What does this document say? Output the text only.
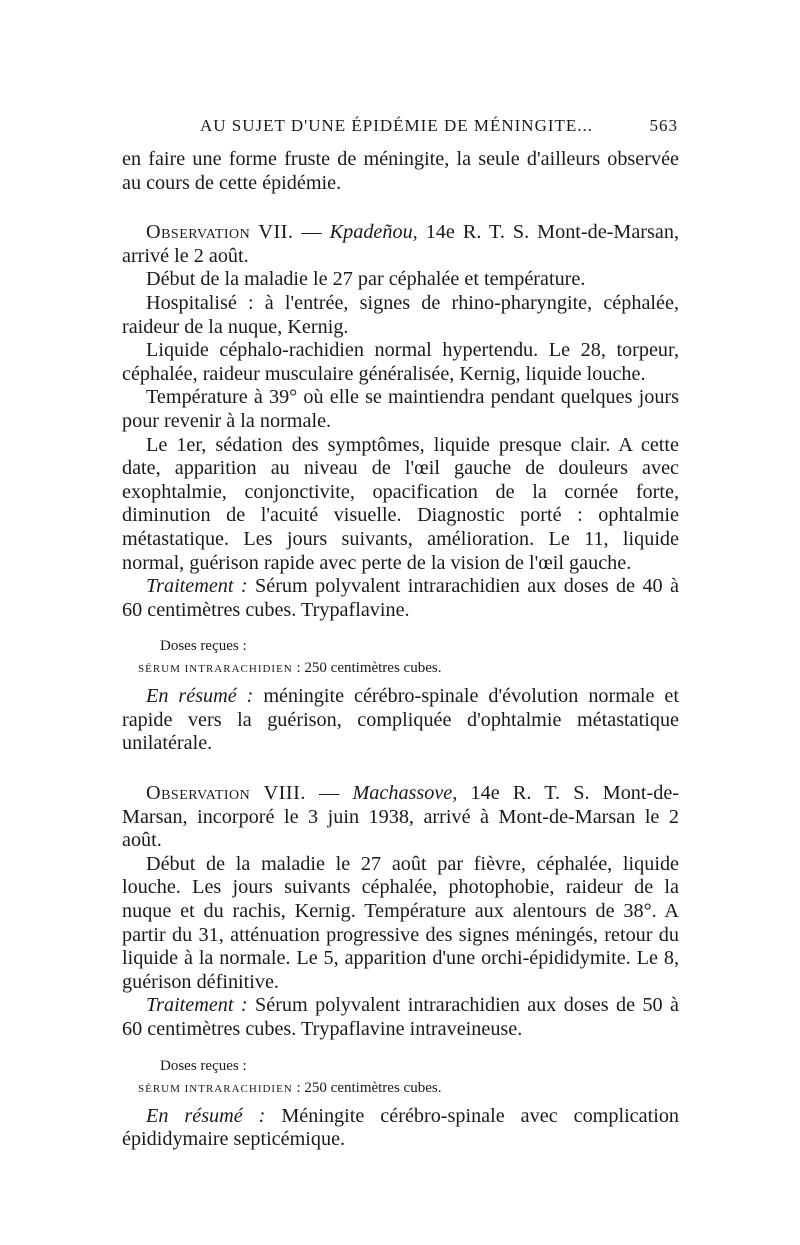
AU SUJET D'UNE ÉPIDÉMIE DE MÉNINGITE...	563

en faire une forme fruste de méningite, la seule d'ailleurs observée au cours de cette épidémie.

Observation VII. — Kpadeñou, 14e R. T. S. Mont-de-Marsan, arrivé le 2 août.

Début de la maladie le 27 par céphalée et température.

Hospitalisé : à l'entrée, signes de rhino-pharyngite, céphalée, raideur de la nuque, Kernig.

Liquide céphalo-rachidien normal hypertendu. Le 28, torpeur, céphalée, raideur musculaire généralisée, Kernig, liquide louche.

Température à 39° où elle se maintiendra pendant quelques jours pour revenir à la normale.

Le 1er, sédation des symptômes, liquide presque clair. A cette date, apparition au niveau de l'œil gauche de douleurs avec exophtalmie, conjonctivite, opacification de la cornée forte, diminution de l'acuité visuelle. Diagnostic porté : ophtalmie métastatique. Les jours suivants, amélioration. Le 11, liquide normal, guérison rapide avec perte de la vision de l'œil gauche.

Traitement : Sérum polyvalent intrarachidien aux doses de 40 à 60 centimètres cubes. Trypaflavine.

Doses reçues :
SÉRUM INTRARACHIDIEN : 250 centimètres cubes.

En résumé : méningite cérébro-spinale d'évolution normale et rapide vers la guérison, compliquée d'ophtalmie métastatique unilatérale.

Observation VIII. — Machassove, 14e R. T. S. Mont-de-Marsan, incorporé le 3 juin 1938, arrivé à Mont-de-Marsan le 2 août.

Début de la maladie le 27 août par fièvre, céphalée, liquide louche. Les jours suivants céphalée, photophobie, raideur de la nuque et du rachis, Kernig. Température aux alentours de 38°. A partir du 31, atténuation progressive des signes méningés, retour du liquide à la normale. Le 5, apparition d'une orchi-épididymite. Le 8, guérison définitive.

Traitement : Sérum polyvalent intrarachidien aux doses de 50 à 60 centimètres cubes. Trypaflavine intraveineuse.

Doses reçues :
SÉRUM INTRARACHIDIEN : 250 centimètres cubes.

En résumé : Méningite cérébro-spinale avec complication épididymaire septicémique.
